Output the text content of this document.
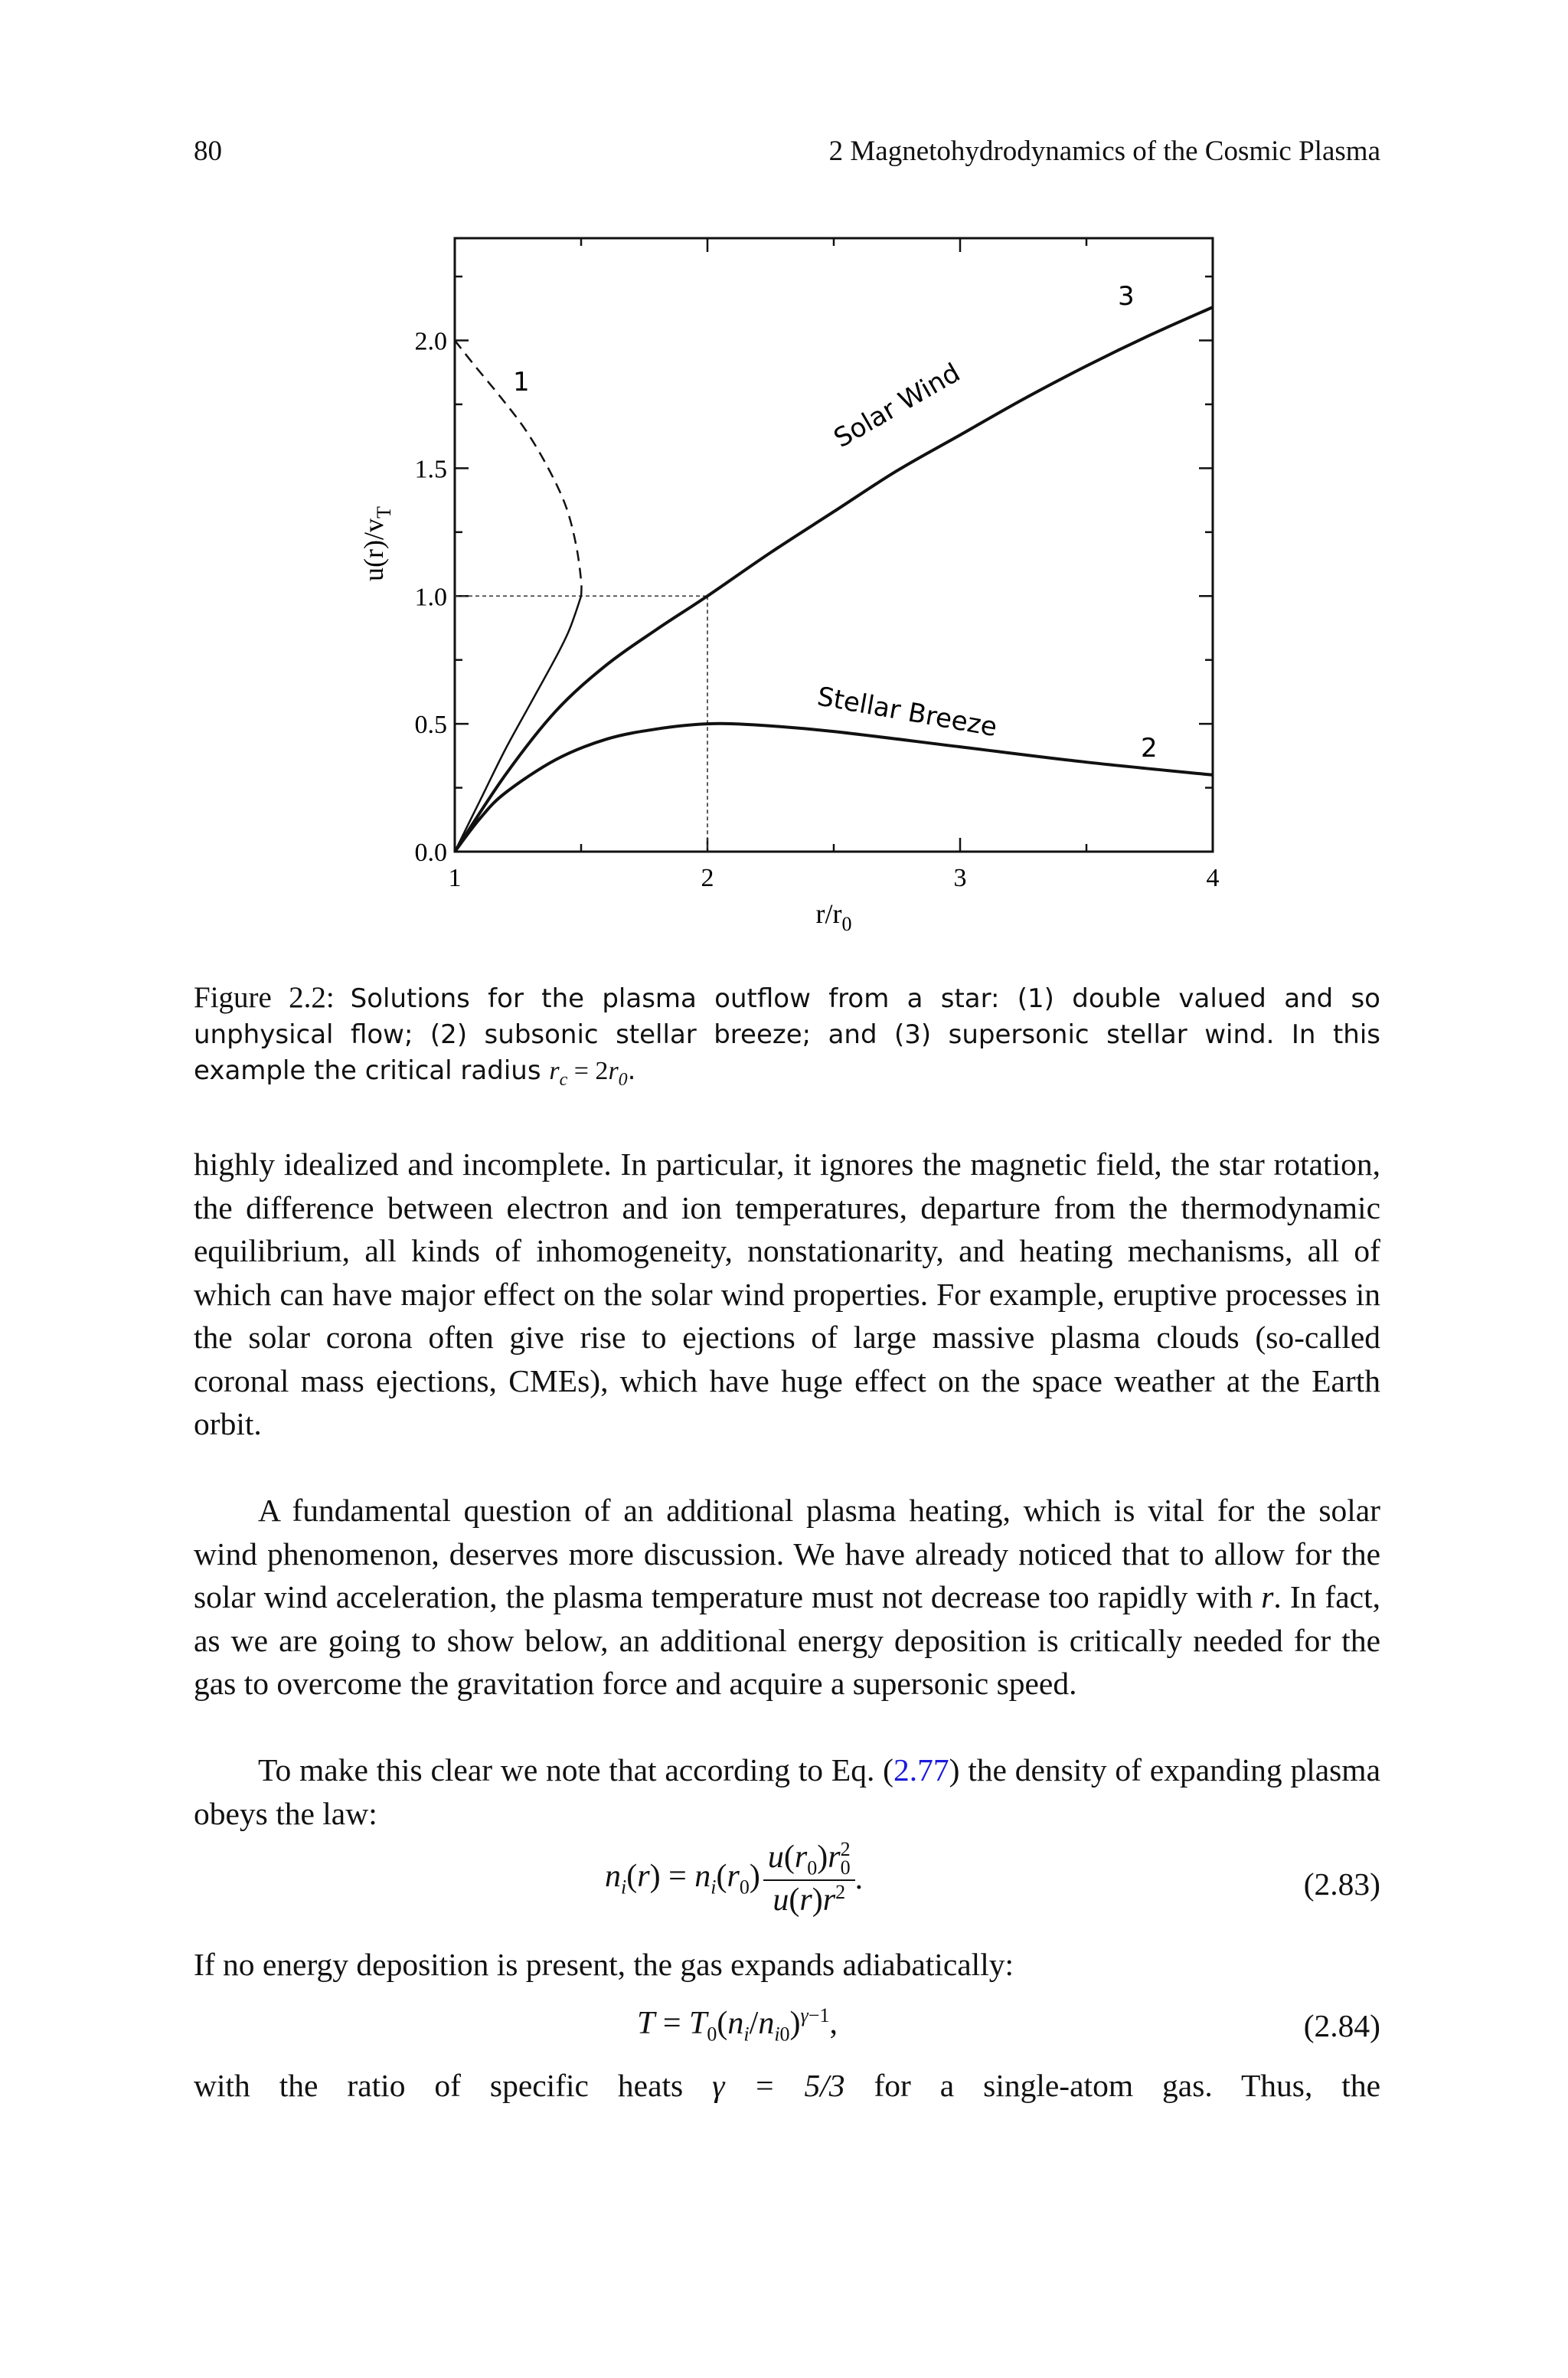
80	2 Magnetohydrodynamics of the Cosmic Plasma
1	2	3	4
0.0
0.5
1.0
1.5
2.0
1
2
3
Solar Wind
Stellar Breeze
$r/r_0$
$u(r)/v_T$
Figure 2.2: Solutions for the plasma outflow from a star: (1) double valued and so unphysical flow; (2) subsonic stellar breeze; and (3) supersonic stellar wind. In this example the critical radius $r_c = 2r_0$.
highly idealized and incomplete. In particular, it ignores the magnetic field, the star rotation, the difference between electron and ion temperatures, departure from the thermodynamic equilibrium, all kinds of inhomogeneity, nonstationarity, and heating mechanisms, all of which can have major effect on the solar wind properties. For example, eruptive processes in the solar corona often give rise to ejections of large massive plasma clouds (so-called coronal mass ejections, CMEs), which have huge effect on the space weather at the Earth orbit.
A fundamental question of an additional plasma heating, which is vital for the solar wind phenomenon, deserves more discussion. We have already noticed that to allow for the solar wind acceleration, the plasma temperature must not decrease too rapidly with r. In fact, as we are going to show below, an additional energy deposition is critically needed for the gas to overcome the gravitation force and acquire a supersonic speed.
To make this clear we note that according to Eq. (2.77) the density of expanding plasma obeys the law:
$n_i(r) = n_i(r_0) \frac{u(r_0)r^2_0}{u(r)r^2}$ .	(2.83)
If no energy deposition is present, the gas expands adiabatically:
$T = T_0(n_i/n_{i0})^{\gamma-1}$,	(2.84)
with the ratio of specific heats γ = 5/3 for a single-atom gas. Thus, the
